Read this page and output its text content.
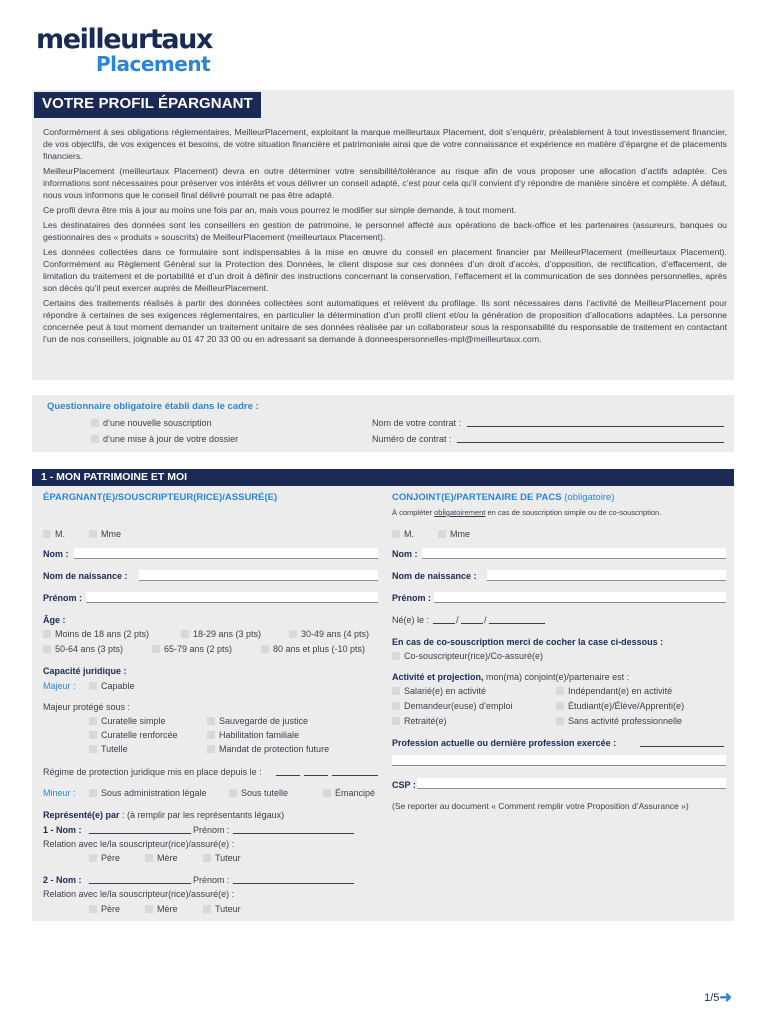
meilleurtaux
Placement
VOTRE PROFIL ÉPARGNANT

Conformément à ses obligations réglementaires, MeilleurPlacement, exploitant la marque meilleurtaux Placement, doit s’enquérir, préalablement à tout investissement financier, de vos objectifs, de vos exigences et besoins, de votre situation financière et patrimoniale ainsi que de votre connaissance et expérience en matière d’épargne et de placements financiers.

MeilleurPlacement (meilleurtaux Placement) devra en outre déterminer votre sensibilité/tolérance au risque afin de vous proposer une allocation d’actifs adaptée. Ces informations sont nécessaires pour préserver vos intérêts et vous délivrer un conseil adapté, c’est pour cela qu’il convient d’y répondre de manière sincère et complète. À défaut, nous vous informons que le conseil final délivré pourrait ne pas être adapté.

Ce profil devra être mis à jour au moins une fois par an, mais vous pourrez le modifier sur simple demande, à tout moment.

Les destinataires des données sont les conseillers en gestion de patrimoine, le personnel affecté aux opérations de back-office et les partenaires (assureurs, banques ou gestionnaires des « produits » souscrits) de MeilleurPlacement (meilleurtaux Placement).

Les données collectées dans ce formulaire sont indispensables à la mise en œuvre du conseil en placement financier par MeilleurPlacement (meilleurtaux Placement). Conformément au Règlement Général sur la Protection des Données, le client dispose sur ces données d’un droit d’accès, d’opposition, de rectification, d’effacement, de limitation du traitement et de portabilité et d’un droit à définir des instructions concernant la conservation, l’effacement et la communication de ses données personnelles, après son décès qu’il peut exercer auprès de MeilleurPlacement.

Certains des traitements réalisés à partir des données collectées sont automatiques et relèvent du profilage. Ils sont nécessaires dans l’activité de MeilleurPlacement pour répondre à certaines de ses exigences réglementaires, en particulier la détermination d’un profil client et/ou la génération de proposition d’allocations adaptées. La personne concernée peut à tout moment demander un traitement unitaire de ses données réalisée par un collaborateur sous la responsabilité du responsable de traitement en contactant l’un de nos conseillers, joignable au 01 47 20 33 00 ou en adressant sa demande à donneespersonnelles-mpl@meilleurtaux.com.

Questionnaire obligatoire établi dans le cadre :
d’une nouvelle souscription
d’une mise à jour de votre dossier
Nom de votre contrat :
Numéro de contrat :
1 - MON PATRIMOINE ET MOI
ÉPARGNANT(E)/SOUSCRIPTEUR(RICE)/ASSURÉ(E)
M.	Mme
Nom :
Nom de naissance :
Prénom :
Âge :
Moins de 18 ans (2 pts)	18-29 ans (3 pts)	30-49 ans (4 pts)
50-64 ans (3 pts)	65-79 ans (2 pts)	80 ans et plus (-10 pts)
Capacité juridique :
Majeur :	Capable
Majeur protégé sous :
Curatelle simple	Sauvegarde de justice
Curatelle renforcée	Habilitation familiale
Tutelle	Mandat de protection future
Régime de protection juridique mis en place depuis le :
Mineur :	Sous administration légale	Sous tutelle	Émancipé
Représenté(e) par : (à remplir par les représentants légaux)
1 - Nom :	Prénom :
Relation avec le/la souscripteur(rice)/assuré(e) :
Père	Mère	Tuteur
2 - Nom :	Prénom :
Relation avec le/la souscripteur(rice)/assuré(e) :
Père	Mère	Tuteur
CONJOINT(E)/PARTENAIRE DE PACS (obligatoire)
À compléter obligatoirement en cas de souscription simple ou de co-souscription.
M.	Mme
Nom :
Nom de naissance :
Prénom :
Né(e) le :	/	/
En cas de co-souscription merci de cocher la case ci-dessous :
Co-souscripteur(rice)/Co-assuré(e)
Activité et projection, mon(ma) conjoint(e)/partenaire est :
Salarié(e) en activité	Indépendant(e) en activité
Demandeur(euse) d’emploi	Étudiant(e)/Élève/Apprenti(e)
Retraité(e)	Sans activité professionnelle
Profession actuelle ou dernière profession exercée :
CSP :
(Se reporter au document « Comment remplir votre Proposition d’Assurance »)
1/5➜
